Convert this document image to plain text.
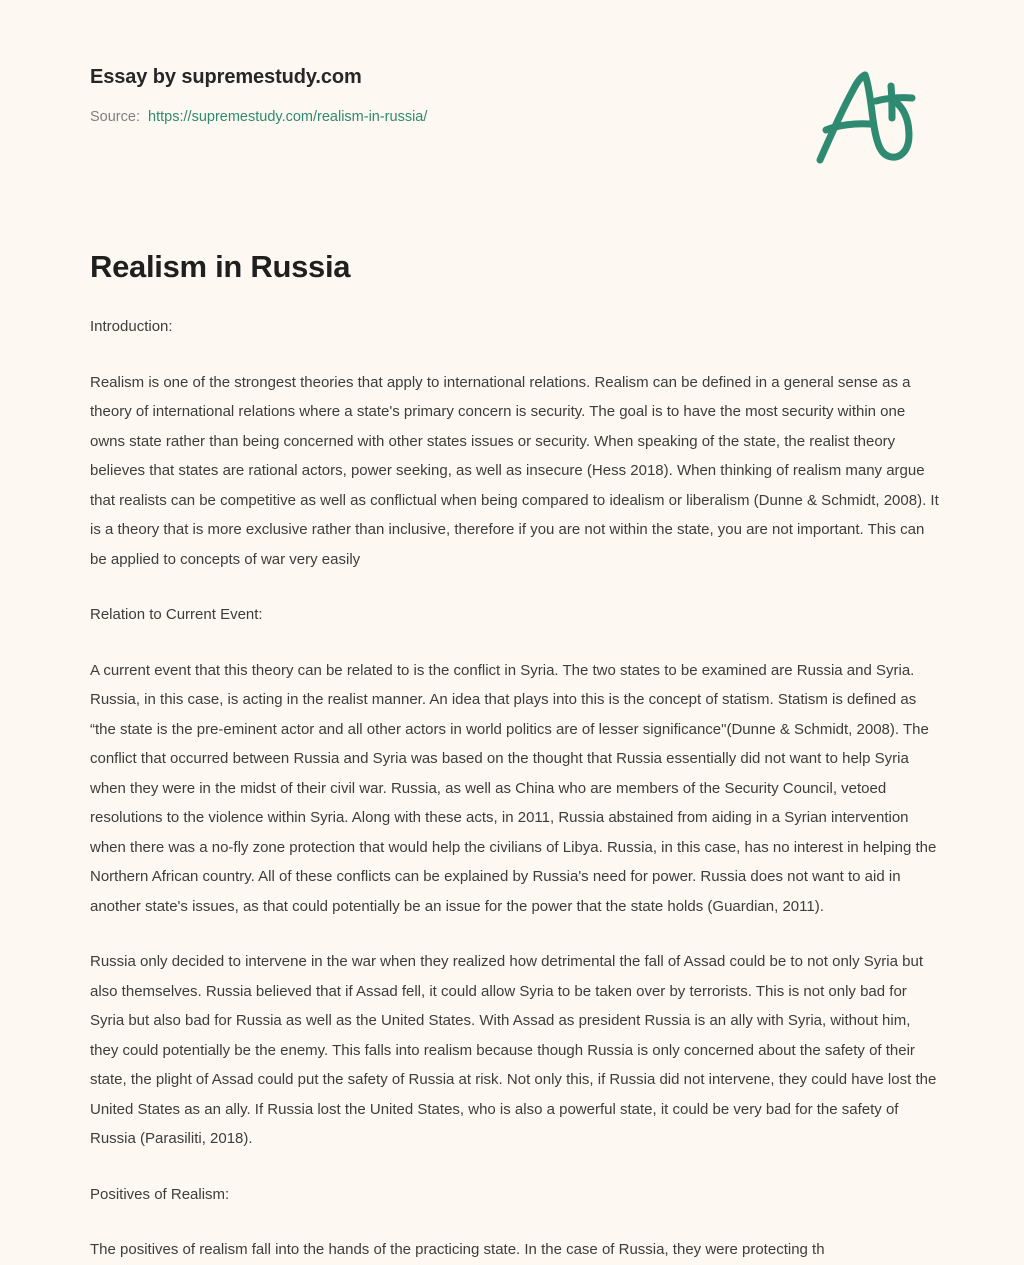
Essay by supremestudy.com
Source: https://supremestudy.com/realism-in-russia/
Realism in Russia

Introduction:

Realism is one of the strongest theories that apply to international relations. Realism can be defined in a general sense as a theory of international relations where a state's primary concern is security. The goal is to have the most security within one owns state rather than being concerned with other states issues or security. When speaking of the state, the realist theory believes that states are rational actors, power seeking, as well as insecure (Hess 2018). When thinking of realism many argue that realists can be competitive as well as conflictual when being compared to idealism or liberalism (Dunne & Schmidt, 2008). It is a theory that is more exclusive rather than inclusive, therefore if you are not within the state, you are not important. This can be applied to concepts of war very easily

Relation to Current Event:

A current event that this theory can be related to is the conflict in Syria. The two states to be examined are Russia and Syria. Russia, in this case, is acting in the realist manner. An idea that plays into this is the concept of statism. Statism is defined as “the state is the pre-eminent actor and all other actors in world politics are of lesser significance"(Dunne & Schmidt, 2008). The conflict that occurred between Russia and Syria was based on the thought that Russia essentially did not want to help Syria when they were in the midst of their civil war. Russia, as well as China who are members of the Security Council, vetoed resolutions to the violence within Syria. Along with these acts, in 2011, Russia abstained from aiding in a Syrian intervention when there was a no-fly zone protection that would help the civilians of Libya. Russia, in this case, has no interest in helping the Northern African country. All of these conflicts can be explained by Russia's need for power. Russia does not want to aid in another state's issues, as that could potentially be an issue for the power that the state holds (Guardian, 2011).

Russia only decided to intervene in the war when they realized how detrimental the fall of Assad could be to not only Syria but also themselves. Russia believed that if Assad fell, it could allow Syria to be taken over by terrorists. This is not only bad for Syria but also bad for Russia as well as the United States. With Assad as president Russia is an ally with Syria, without him, they could potentially be the enemy. This falls into realism because though Russia is only concerned about the safety of their state, the plight of Assad could put the safety of Russia at risk. Not only this, if Russia did not intervene, they could have lost the United States as an ally. If Russia lost the United States, who is also a powerful state, it could be very bad for the safety of Russia (Parasiliti, 2018).

Positives of Realism:

The positives of realism fall into the hands of the practicing state. In the case of Russia, they were protecting th
